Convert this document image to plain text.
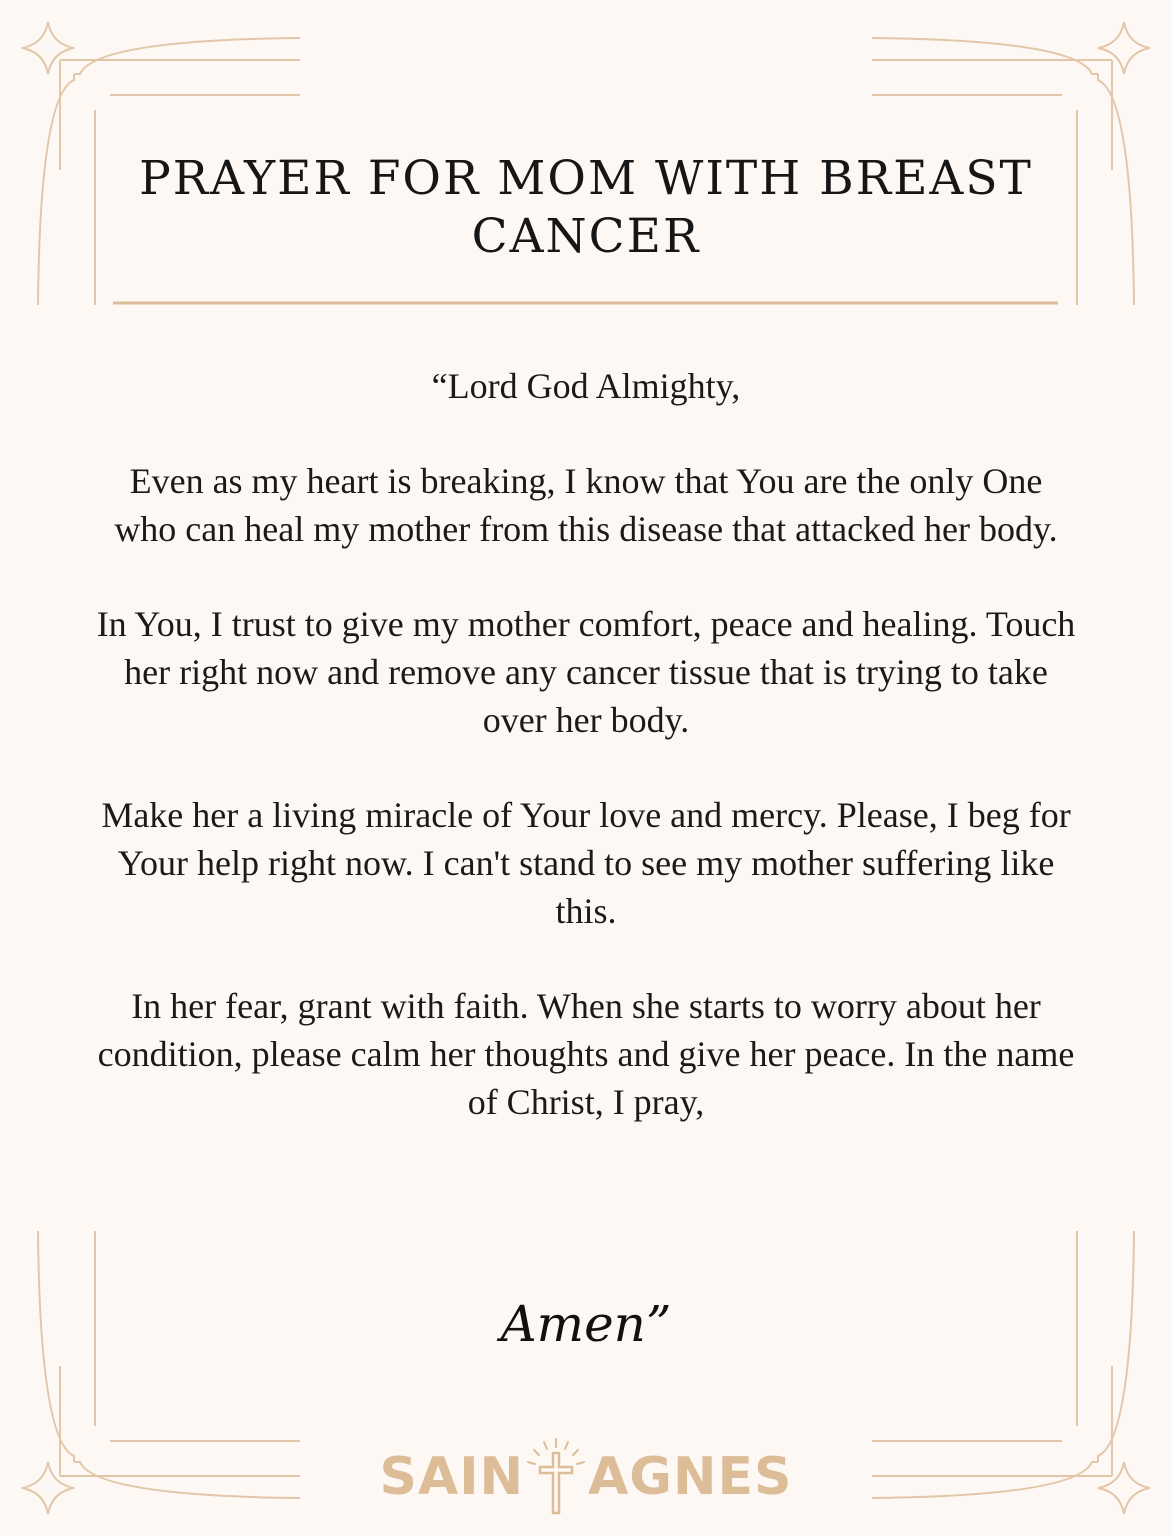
PRAYER FOR MOM WITH BREAST CANCER

“Lord God Almighty,

Even as my heart is breaking, I know that You are the only One who can heal my mother from this disease that attacked her body.

In You, I trust to give my mother comfort, peace and healing. Touch her right now and remove any cancer tissue that is trying to take over her body.

Make her a living miracle of Your love and mercy. Please, I beg for Your help right now. I can't stand to see my mother suffering like this.

In her fear, grant with faith. When she starts to worry about her condition, please calm her thoughts and give her peace. In the name of Christ, I pray,

Amen”
SAIN AGNES
